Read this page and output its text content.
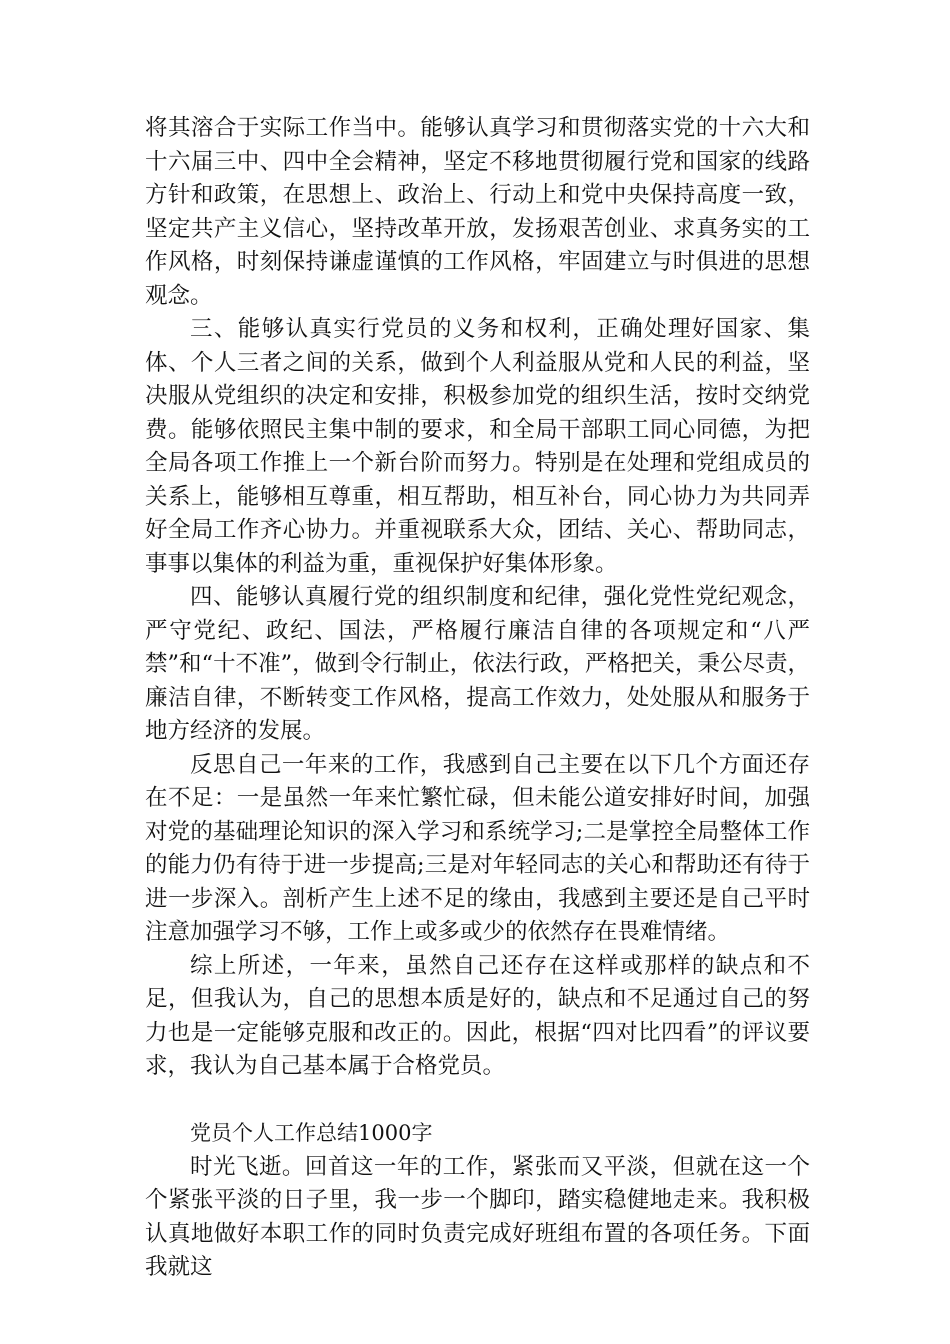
将其溶合于实际工作当中。能够认真学习和贯彻落实党的十六大和十六届三中、四中全会精神，坚定不移地贯彻履行党和国家的线路方针和政策，在思想上、政治上、行动上和党中央保持高度一致，坚定共产主义信心，坚持改革开放，发扬艰苦创业、求真务实的工作风格，时刻保持谦虚谨慎的工作风格，牢固建立与时俱进的思想观念。

三、能够认真实行党员的义务和权利，正确处理好国家、集体、个人三者之间的关系，做到个人利益服从党和人民的利益，坚决服从党组织的决定和安排，积极参加党的组织生活，按时交纳党费。能够依照民主集中制的要求，和全局干部职工同心同德，为把全局各项工作推上一个新台阶而努力。特别是在处理和党组成员的关系上，能够相互尊重，相互帮助，相互补台，同心协力为共同弄好全局工作齐心协力。并重视联系大众，团结、关心、帮助同志，事事以集体的利益为重，重视保护好集体形象。

四、能够认真履行党的组织制度和纪律，强化党性党纪观念，严守党纪、政纪、国法，严格履行廉洁自律的各项规定和“八严禁”和“十不准”，做到令行制止，依法行政，严格把关，秉公尽责，廉洁自律，不断转变工作风格，提高工作效力，处处服从和服务于地方经济的发展。

反思自己一年来的工作，我感到自己主要在以下几个方面还存在不足：一是虽然一年来忙繁忙碌，但未能公道安排好时间，加强对党的基础理论知识的深入学习和系统学习;二是掌控全局整体工作的能力仍有待于进一步提高;三是对年轻同志的关心和帮助还有待于进一步深入。剖析产生上述不足的缘由，我感到主要还是自己平时注意加强学习不够，工作上或多或少的依然存在畏难情绪。

综上所述，一年来，虽然自己还存在这样或那样的缺点和不足，但我认为，自己的思想本质是好的，缺点和不足通过自己的努力也是一定能够克服和改正的。因此，根据“四对比四看”的评议要求，我认为自己基本属于合格党员。

党员个人工作总结1000字

时光飞逝。回首这一年的工作，紧张而又平淡，但就在这一个个紧张平淡的日子里，我一步一个脚印，踏实稳健地走来。我积极认真地做好本职工作的同时负责完成好班组布置的各项任务。下面我就这
